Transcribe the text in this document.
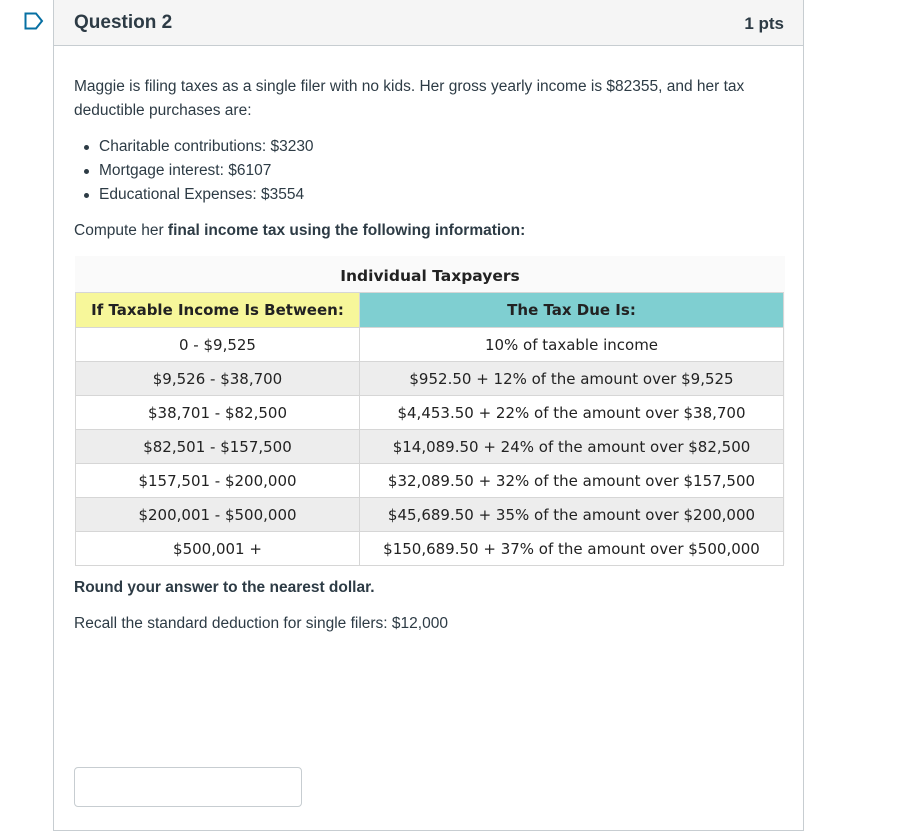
Question 2	1 pts
Maggie is filing taxes as a single filer with no kids. Her gross yearly income is $82355, and her tax deductible purchases are:
Charitable contributions: $3230
Mortgage interest: $6107
Educational Expenses: $3554
Compute her final income tax using the following information:
Round your answer to the nearest dollar.
Recall the standard deduction for single filers: $12,000
Individual Taxpayers
If Taxable Income Is Between:	The Tax Due Is:
0 - $9,525	10% of taxable income
$9,526 - $38,700	$952.50 + 12% of the amount over $9,525
$38,701 - $82,500	$4,453.50 + 22% of the amount over $38,700
$82,501 - $157,500	$14,089.50 + 24% of the amount over $82,500
$157,501 - $200,000	$32,089.50 + 32% of the amount over $157,500
$200,001 - $500,000	$45,689.50 + 35% of the amount over $200,000
$500,001 +	$150,689.50 + 37% of the amount over $500,000
